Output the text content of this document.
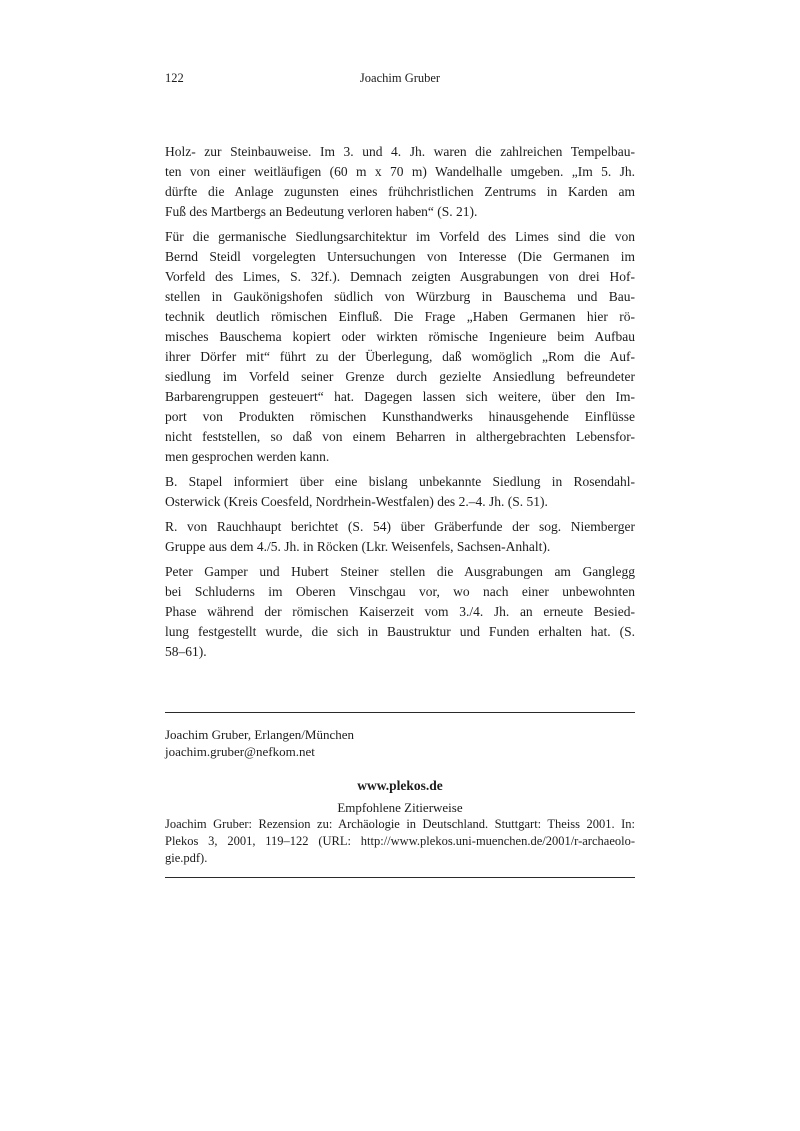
122	Joachim Gruber
Holz- zur Steinbauweise. Im 3. und 4. Jh. waren die zahlreichen Tempelbau-
ten von einer weitläufigen (60 m x 70 m) Wandelhalle umgeben. „Im 5. Jh.
dürfte die Anlage zugunsten eines frühchristlichen Zentrums in Karden am
Fuß des Martbergs an Bedeutung verloren haben“ (S. 21).
Für die germanische Siedlungsarchitektur im Vorfeld des Limes sind die von
Bernd Steidl vorgelegten Untersuchungen von Interesse (Die Germanen im
Vorfeld des Limes, S. 32f.). Demnach zeigten Ausgrabungen von drei Hof-
stellen in Gaukönigshofen südlich von Würzburg in Bauschema und Bau-
technik deutlich römischen Einfluß. Die Frage „Haben Germanen hier rö-
misches Bauschema kopiert oder wirkten römische Ingenieure beim Aufbau
ihrer Dörfer mit“ führt zu der Überlegung, daß womöglich „Rom die Auf-
siedlung im Vorfeld seiner Grenze durch gezielte Ansiedlung befreundeter
Barbarengruppen gesteuert“ hat. Dagegen lassen sich weitere, über den Im-
port von Produkten römischen Kunsthandwerks hinausgehende Einflüsse
nicht feststellen, so daß von einem Beharren in althergebrachten Lebensfor-
men gesprochen werden kann.
B. Stapel informiert über eine bislang unbekannte Siedlung in Rosendahl-
Osterwick (Kreis Coesfeld, Nordrhein-Westfalen) des 2.–4. Jh. (S. 51).
R. von Rauchhaupt berichtet (S. 54) über Gräberfunde der sog. Niemberger
Gruppe aus dem 4./5. Jh. in Röcken (Lkr. Weisenfels, Sachsen-Anhalt).
Peter Gamper und Hubert Steiner stellen die Ausgrabungen am Ganglegg
bei Schluderns im Oberen Vinschgau vor, wo nach einer unbewohnten
Phase während der römischen Kaiserzeit vom 3./4. Jh. an erneute Besied-
lung festgestellt wurde, die sich in Baustruktur und Funden erhalten hat. (S.
58–61).
Joachim Gruber, Erlangen/München
joachim.gruber@nefkom.net
www.plekos.de
Empfohlene Zitierweise
Joachim Gruber: Rezension zu: Archäologie in Deutschland. Stuttgart: Theiss 2001. In:
Plekos 3, 2001, 119–122 (URL: http://www.plekos.uni-muenchen.de/2001/r-archaeolo-
gie.pdf).
